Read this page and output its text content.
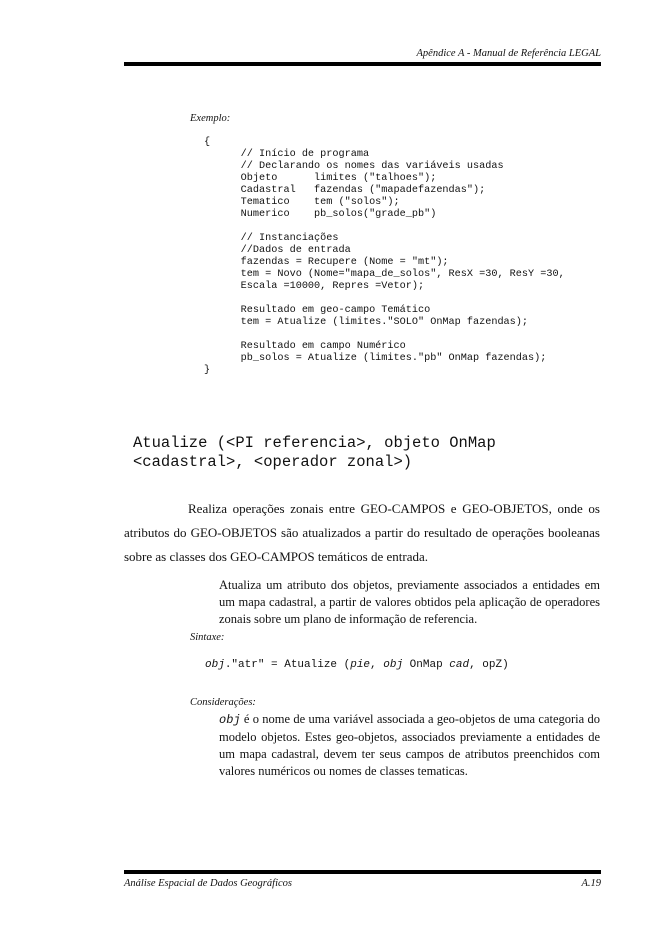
Apêndice A - Manual de Referência LEGAL
Exemplo:
{
// Início de programa
// Declarando os nomes das variáveis usadas
Objeto      limites ("talhoes");
Cadastral   fazendas ("mapadefazendas");
Tematico    tem ("solos");
Numerico    pb_solos("grade_pb")
// Instanciações
//Dados de entrada
fazendas = Recupere (Nome = "mt");
tem = Novo (Nome="mapa_de_solos", ResX =30, ResY =30,
Escala =10000, Repres =Vetor);
Resultado em geo-campo Temático
tem = Atualize (limites."SOLO" OnMap fazendas);
Resultado em campo Numérico
pb_solos = Atualize (limites."pb" OnMap fazendas);
}
Atualize (<PI referencia>, objeto OnMap <cadastral>, <operador zonal>)

Realiza operações zonais entre GEO-CAMPOS e GEO-OBJETOS, onde os atributos do GEO-OBJETOS são atualizados a partir do resultado de operações booleanas sobre as classes dos GEO-CAMPOS temáticos de entrada.

Atualiza um atributo dos objetos, previamente associados a entidades em um mapa cadastral, a partir de valores obtidos pela aplicação de operadores zonais sobre um plano de informação de referencia.
Sintaxe:
obj."atr" = Atualize (pie, obj OnMap cad, opZ)
Considerações:
obj é o nome de uma variável associada a geo-objetos de uma categoria do modelo objetos. Estes geo-objetos, associados previamente a entidades de um mapa cadastral, devem ter seus campos de atributos preenchidos com valores numéricos ou nomes de classes tematicas.
Análise Espacial de Dados Geográficos	A.19
